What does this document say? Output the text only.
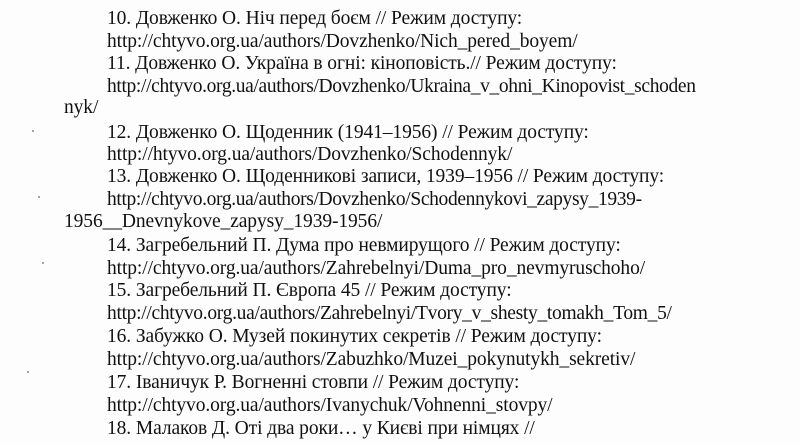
10. Довженко О. Ніч перед боєм // Режим доступу:
http://chtyvo.org.ua/authors/Dovzhenko/Nich_pered_boyem/
11. Довженко О. Україна в огні: кіноповість.// Режим доступу:
http://chtyvo.org.ua/authors/Dovzhenko/Ukraina_v_ohni_Kinopovist_schoden
nyk/
12. Довженко О. Щоденник (1941–1956) // Режим доступу:
http://htyvo.org.ua/authors/Dovzhenko/Schodennyk/
13. Довженко О. Щоденникові записи, 1939–1956 // Режим доступу:
http://chtyvo.org.ua/authors/Dovzhenko/Schodennykovi_zapysy_1939-
1956__Dnevnykove_zapysy_1939-1956/
14. Загребельний П. Дума про невмирущого // Режим доступу:
http://chtyvo.org.ua/authors/Zahrebelnyi/Duma_pro_nevmyruschoho/
15. Загребельний П. Європа 45 // Режим доступу:
http://chtyvo.org.ua/authors/Zahrebelnyi/Tvory_v_shesty_tomakh_Tom_5/
16. Забужко О. Музей покинутих секретів // Режим доступу:
http://chtyvo.org.ua/authors/Zabuzhko/Muzei_pokynutykh_sekretiv/
17. Іваничук Р. Вогненні стовпи // Режим доступу:
http://chtyvo.org.ua/authors/Ivanychuk/Vohnenni_stovpy/
18. Малаков Д. Оті два роки… у Києві при німцях //
